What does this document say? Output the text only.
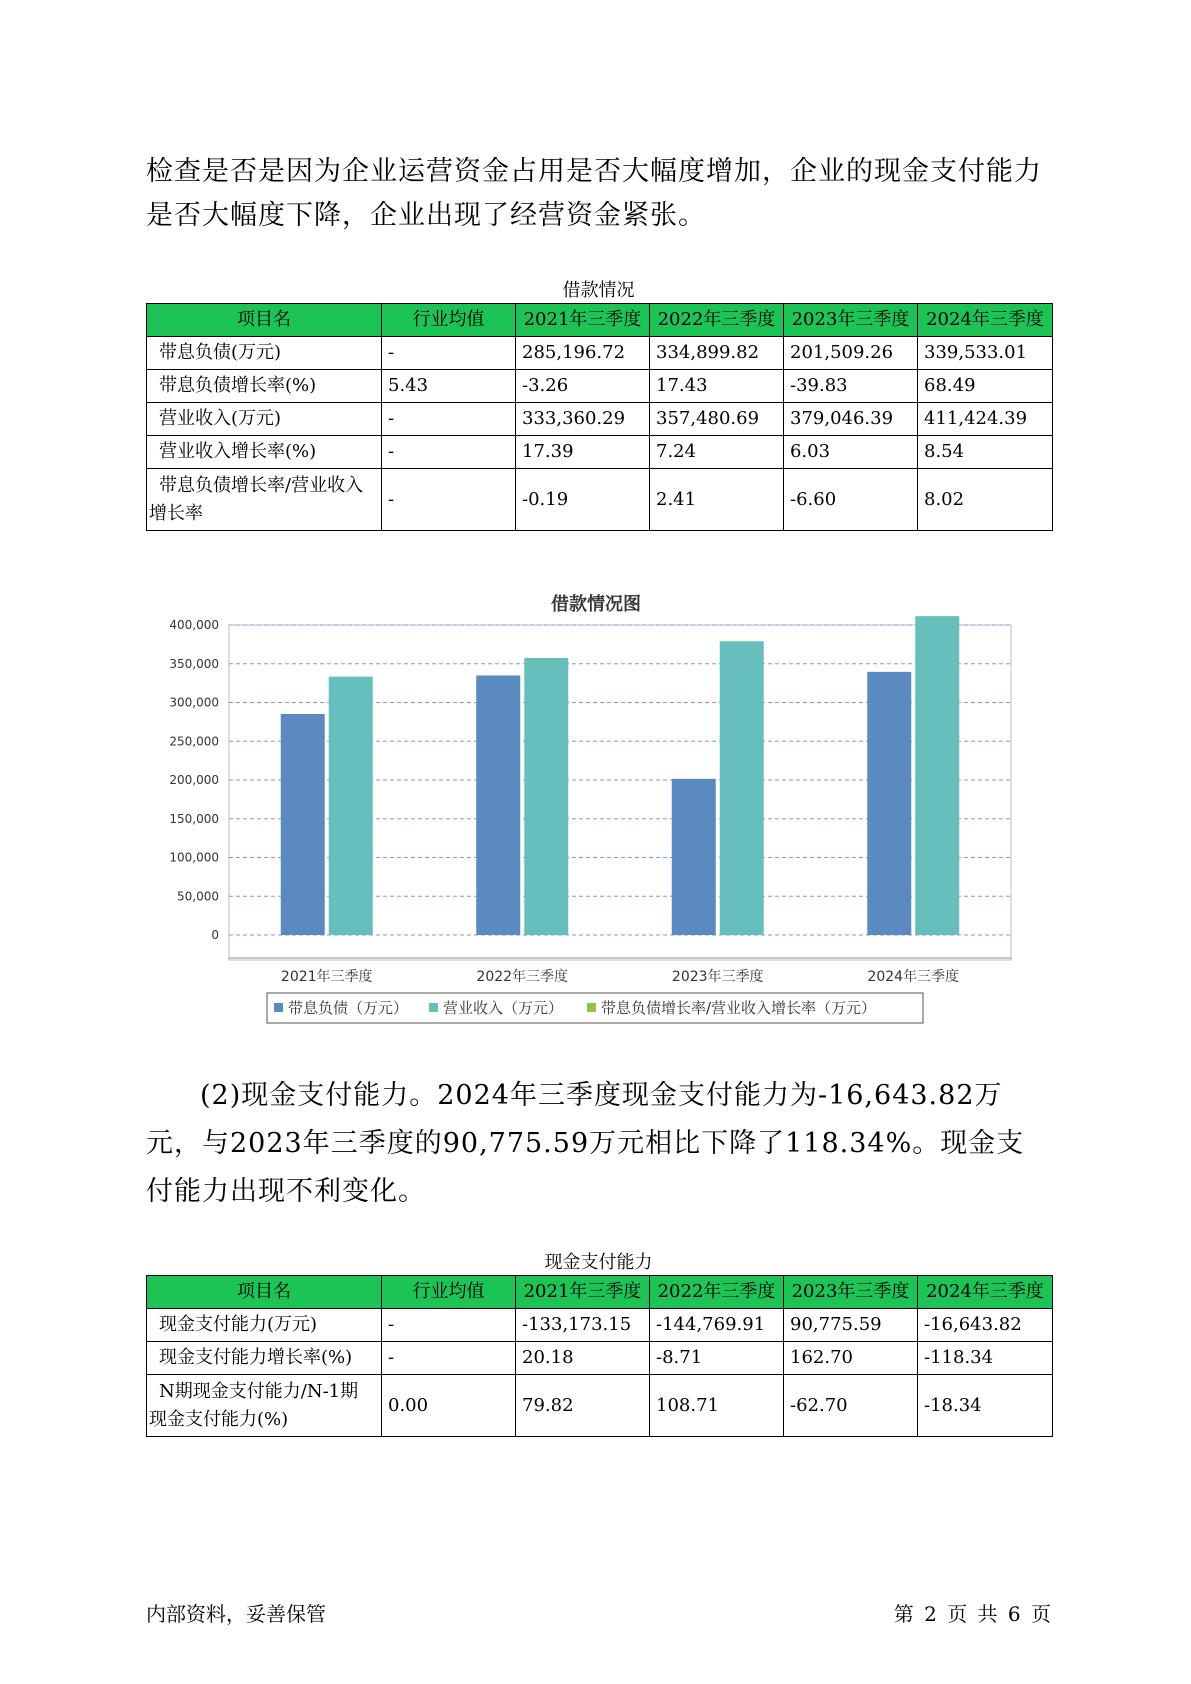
检查是否是因为企业运营资金占用是否大幅度增加，企业的现金支付能力是否大幅度下降，企业出现了经营资金紧张。

借款情况
项目名	行业均值	2021年三季度	2022年三季度	2023年三季度	2024年三季度
带息负债(万元)	-	285,196.72	334,899.82	201,509.26	339,533.01
带息负债增长率(%)	5.43	-3.26	17.43	-39.83	68.49
营业收入(万元)	-	333,360.29	357,480.69	379,046.39	411,424.39
营业收入增长率(%)	-	17.39	7.24	6.03	8.54
带息负债增长率/营业收入增长率	-	-0.19	2.41	-6.60	8.02
借款情况图
0
50,000
100,000
150,000
200,000
250,000
300,000
350,000
400,000
2021年三季度	2022年三季度	2023年三季度	2024年三季度
带息负债（万元） 营业收入（万元）	带息负债增长率/营业收入增长率（万元）

(2)现金支付能力。2024年三季度现金支付能力为-16,643.82万元，与2023年三季度的90,775.59万元相比下降了118.34%。现金支付能力出现不利变化。

现金支付能力
项目名	行业均值	2021年三季度	2022年三季度	2023年三季度	2024年三季度
现金支付能力(万元)	-	-133,173.15	-144,769.91	90,775.59	-16,643.82
现金支付能力增长率(%)	-	20.18	-8.71	162.70	-118.34
N期现金支付能力/N-1期现金支付能力(%)	0.00	79.82	108.71	-62.70	-18.34
内部资料，妥善保管	第 2 页 共 6 页
